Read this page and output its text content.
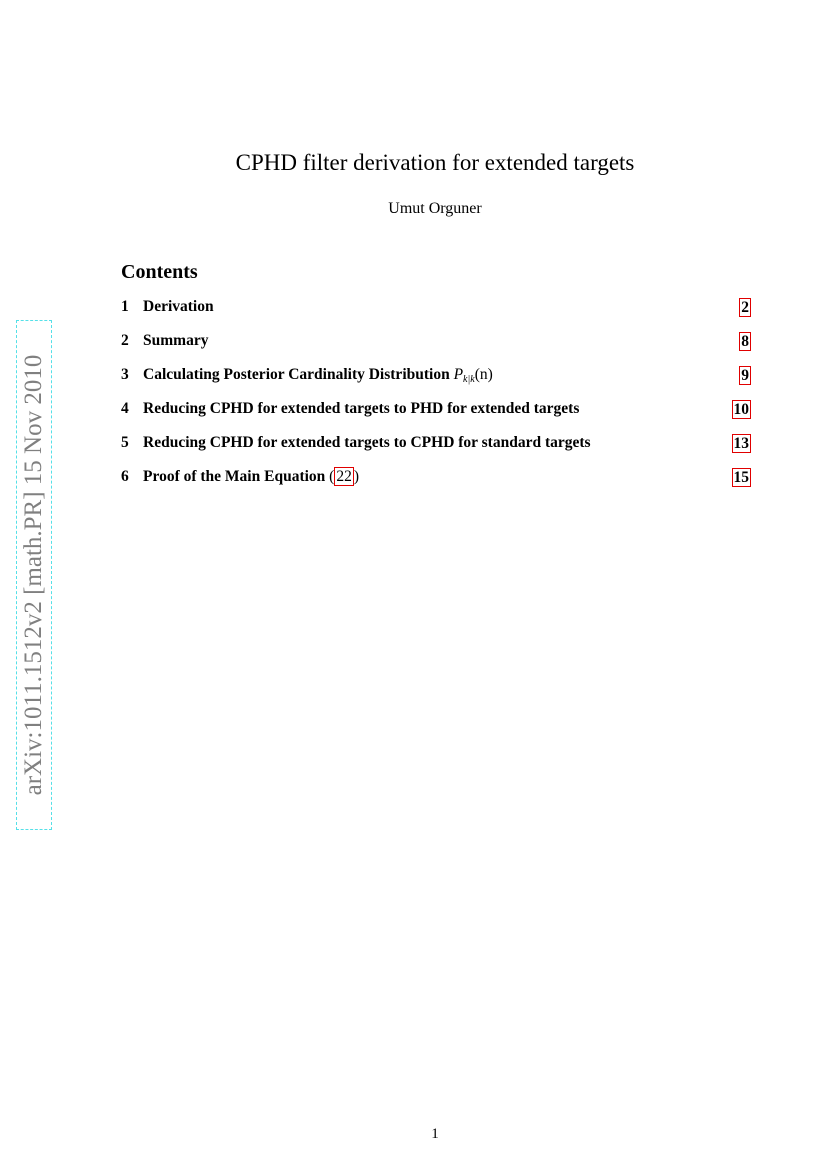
CPHD filter derivation for extended targets
Umut Orguner
Contents
1 Derivation	2
2 Summary	8
3 Calculating Posterior Cardinality Distribution $P_{k|k}(n)$	9
4 Reducing CPHD for extended targets to PHD for extended targets	10
5 Reducing CPHD for extended targets to CPHD for standard targets	13
6 Proof of the Main Equation ( 22 )	15
arXiv:1011.1512v2 [math.PR] 15 Nov 2010
1
